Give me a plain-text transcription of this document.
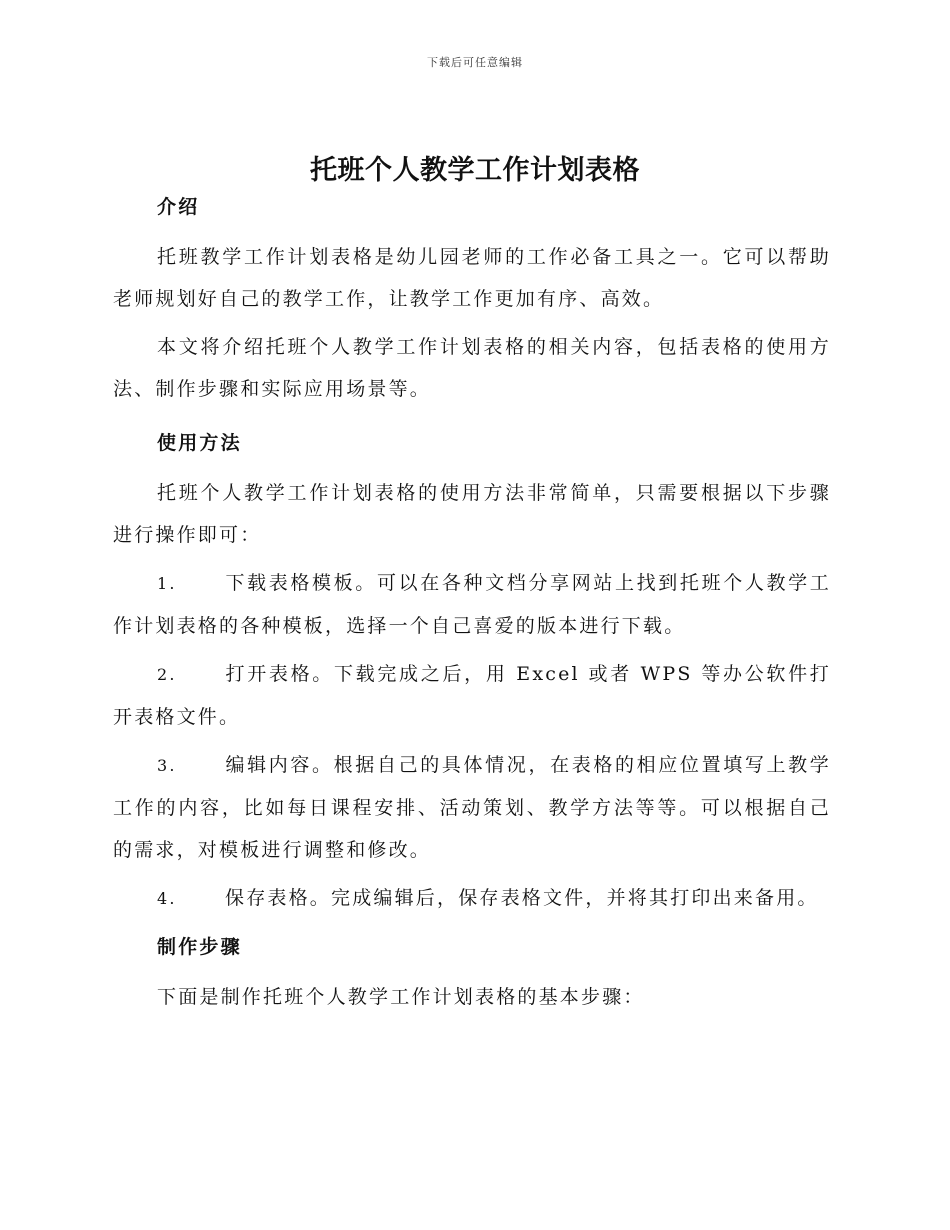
下载后可任意编辑
托班个人教学工作计划表格
介绍

托班教学工作计划表格是幼儿园老师的工作必备工具之一。它可以帮助老师规划好自己的教学工作，让教学工作更加有序、高效。

本文将介绍托班个人教学工作计划表格的相关内容，包括表格的使用方法、制作步骤和实际应用场景等。

使用方法

托班个人教学工作计划表格的使用方法非常简单，只需要根据以下步骤进行操作即可：

1.	下载表格模板。可以在各种文档分享网站上找到托班个人教学工作计划表格的各种模板，选择一个自己喜爱的版本进行下载。

2.	打开表格。下载完成之后，用 Excel 或者 WPS 等办公软件打开表格文件。

3.	编辑内容。根据自己的具体情况，在表格的相应位置填写上教学工作的内容，比如每日课程安排、活动策划、教学方法等等。可以根据自己的需求，对模板进行调整和修改。

4.	保存表格。完成编辑后，保存表格文件，并将其打印出来备用。

制作步骤

下面是制作托班个人教学工作计划表格的基本步骤：
